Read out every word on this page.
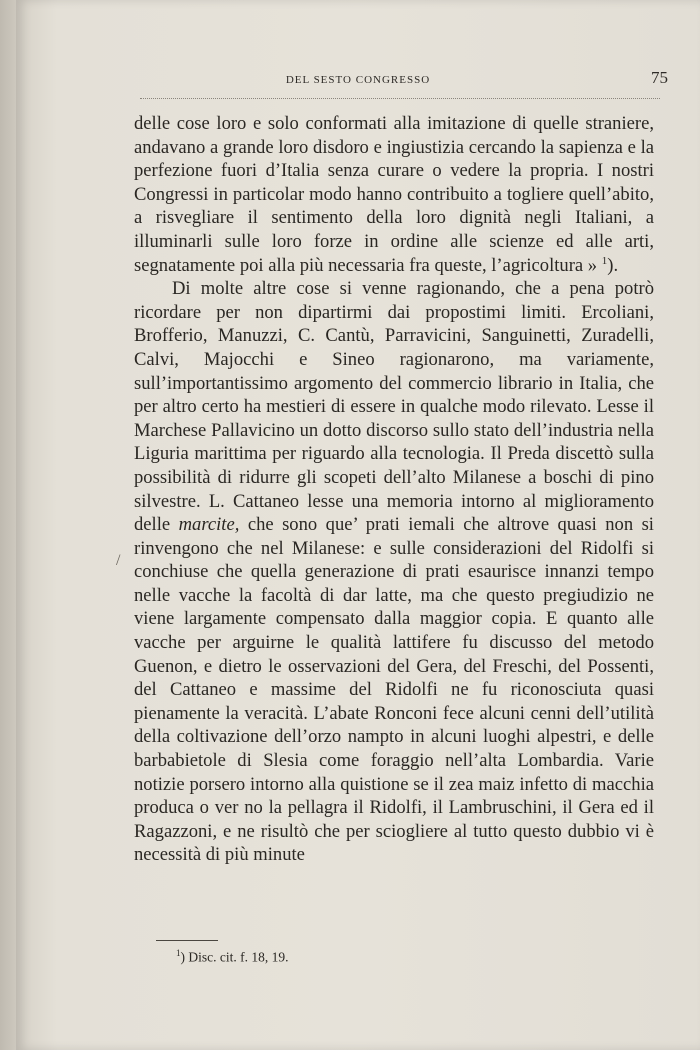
DEL SESTO CONGRESSO	75
/

delle cose loro e solo conformati alla imitazione di quelle straniere, andavano a grande loro disdoro e ingiustizia cercando la sapienza e la perfezione fuori d’Italia senza curare o vedere la propria. I nostri Congressi in particolar modo hanno contribuito a togliere quell’abito, a risvegliare il sentimento della loro dignità negli Italiani, a illuminarli sulle loro forze in ordine alle scienze ed alle arti, segnatamente poi alla più necessaria fra queste, l’agricoltura » $^1$).

Di molte altre cose si venne ragionando, che a pena potrò ricordare per non dipartirmi dai propostimi limiti. Ercoliani, Brofferio, Manuzzi, C. Cantù, Parravicini, Sanguinetti, Zuradelli, Calvi, Majocchi e Sineo ragionarono, ma variamente, sull’importantissimo argomento del commercio librario in Italia, che per altro certo ha mestieri di essere in qualche modo rilevato. Lesse il Marchese Pallavicino un dotto discorso sullo stato dell’industria nella Liguria marittima per riguardo alla tecnologia. Il Preda discettò sulla possibilità di ridurre gli scopeti dell’alto Milanese a boschi di pino silvestre. L. Cattaneo lesse una memoria intorno al miglioramento delle marcite, che sono que’ prati iemali che altrove quasi non si rinvengono che nel Milanese: e sulle considerazioni del Ridolfi si conchiuse che quella generazione di prati esaurisce innanzi tempo nelle vacche la facoltà di dar latte, ma che questo pregiudizio ne viene largamente compensato dalla maggior copia. E quanto alle vacche per arguirne le qualità lattifere fu discusso del metodo Guenon, e dietro le osservazioni del Gera, del Freschi, del Possenti, del Cattaneo e massime del Ridolfi ne fu riconosciuta quasi pienamente la veracità. L’abate Ronconi fece alcuni cenni dell’utilità della coltivazione dell’orzo nampto in alcuni luoghi alpestri, e delle barbabietole di Slesia come foraggio nell’alta Lombardia. Varie notizie porsero intorno alla quistione se il zea maiz infetto di macchia produca o ver no la pellagra il Ridolfi, il Lambruschini, il Gera ed il Ragazzoni, e ne risultò che per sciogliere al tutto questo dubbio vi è necessità di più minute

$^1$) Disc. cit. f. 18, 19.
